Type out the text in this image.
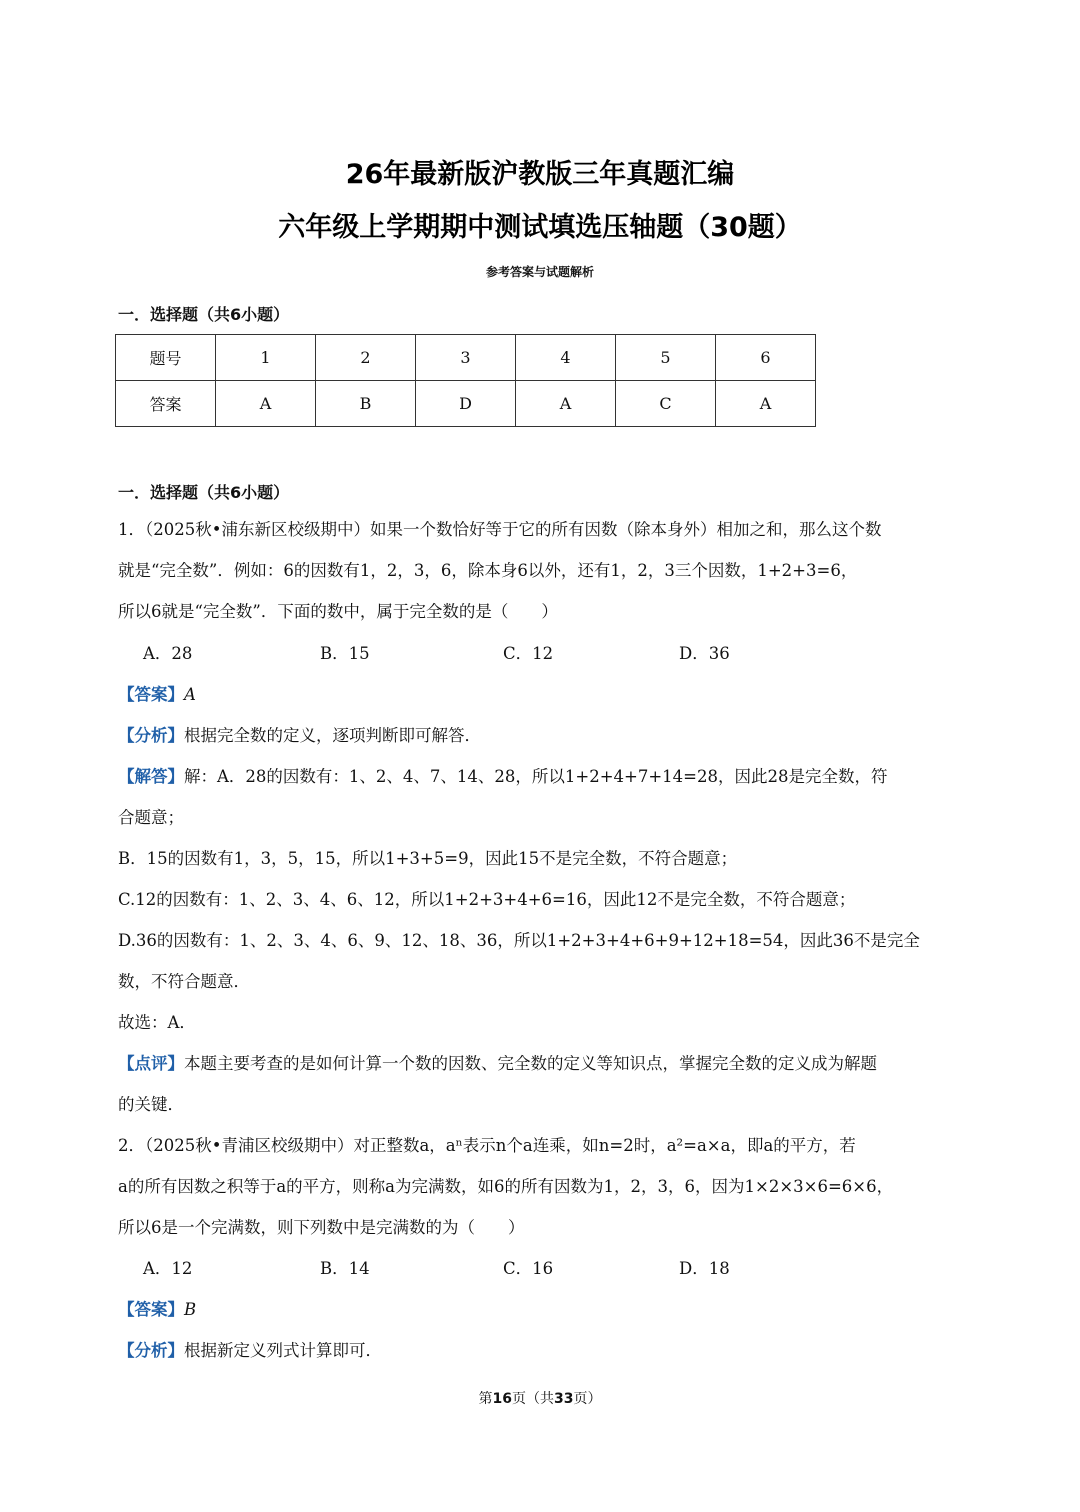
26年最新版沪教版三年真题汇编
六年级上学期期中测试填选压轴题（30题）
参考答案与试题解析
一．选择题（共6小题）
题号	1	2	3	4	5	6
答案	A	B	D	A	C	A
一．选择题（共6小题）
1．（2025秋•浦东新区校级期中）如果一个数恰好等于它的所有因数（除本身外）相加之和，那么这个数
就是“完全数”．例如：6的因数有1，2，3，6，除本身6以外，还有1，2，3三个因数，1+2+3=6，
所以6就是“完全数”．下面的数中，属于完全数的是（　　）
A．28	B．15	C．12	D．36
【答案】A
【分析】根据完全数的定义，逐项判断即可解答．
【解答】解：A．28的因数有：1、2、4、7、14、28，所以1+2+4+7+14=28，因此28是完全数，符
合题意；
B．15的因数有1，3，5，15，所以1+3+5=9，因此15不是完全数，不符合题意；
C.12的因数有：1、2、3、4、6、12，所以1+2+3+4+6=16，因此12不是完全数，不符合题意；
D.36的因数有：1、2、3、4、6、9、12、18、36，所以1+2+3+4+6+9+12+18=54，因此36不是完全
数，不符合题意．
故选：A．
【点评】本题主要考查的是如何计算一个数的因数、完全数的定义等知识点，掌握完全数的定义成为解题
的关键．
2．（2025秋•青浦区校级期中）对正整数a，aⁿ表示n个a连乘，如n=2时，a²=a×a，即a的平方，若
a的所有因数之积等于a的平方，则称a为完满数，如6的所有因数为1，2，3，6，因为1×2×3×6=6×6，
所以6是一个完满数，则下列数中是完满数的为（　　）
A．12	B．14	C．16	D．18
【答案】B
【分析】根据新定义列式计算即可．
第16页（共33页）
